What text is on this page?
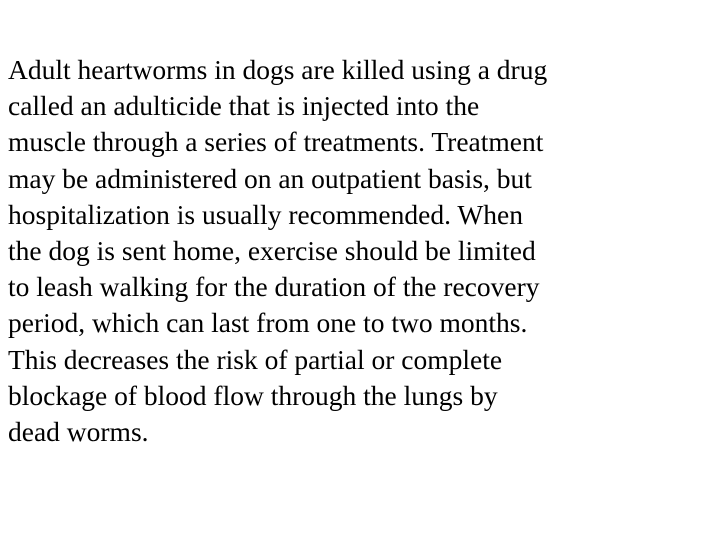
Adult heartworms in dogs are killed using a drug
called an adulticide that is injected into the
muscle through a series of treatments. Treatment
may be administered on an outpatient basis, but
hospitalization is usually recommended. When
the dog is sent home, exercise should be limited
to leash walking for the duration of the recovery
period, which can last from one to two months.
This decreases the risk of partial or complete
blockage of blood flow through the lungs by
dead worms.
